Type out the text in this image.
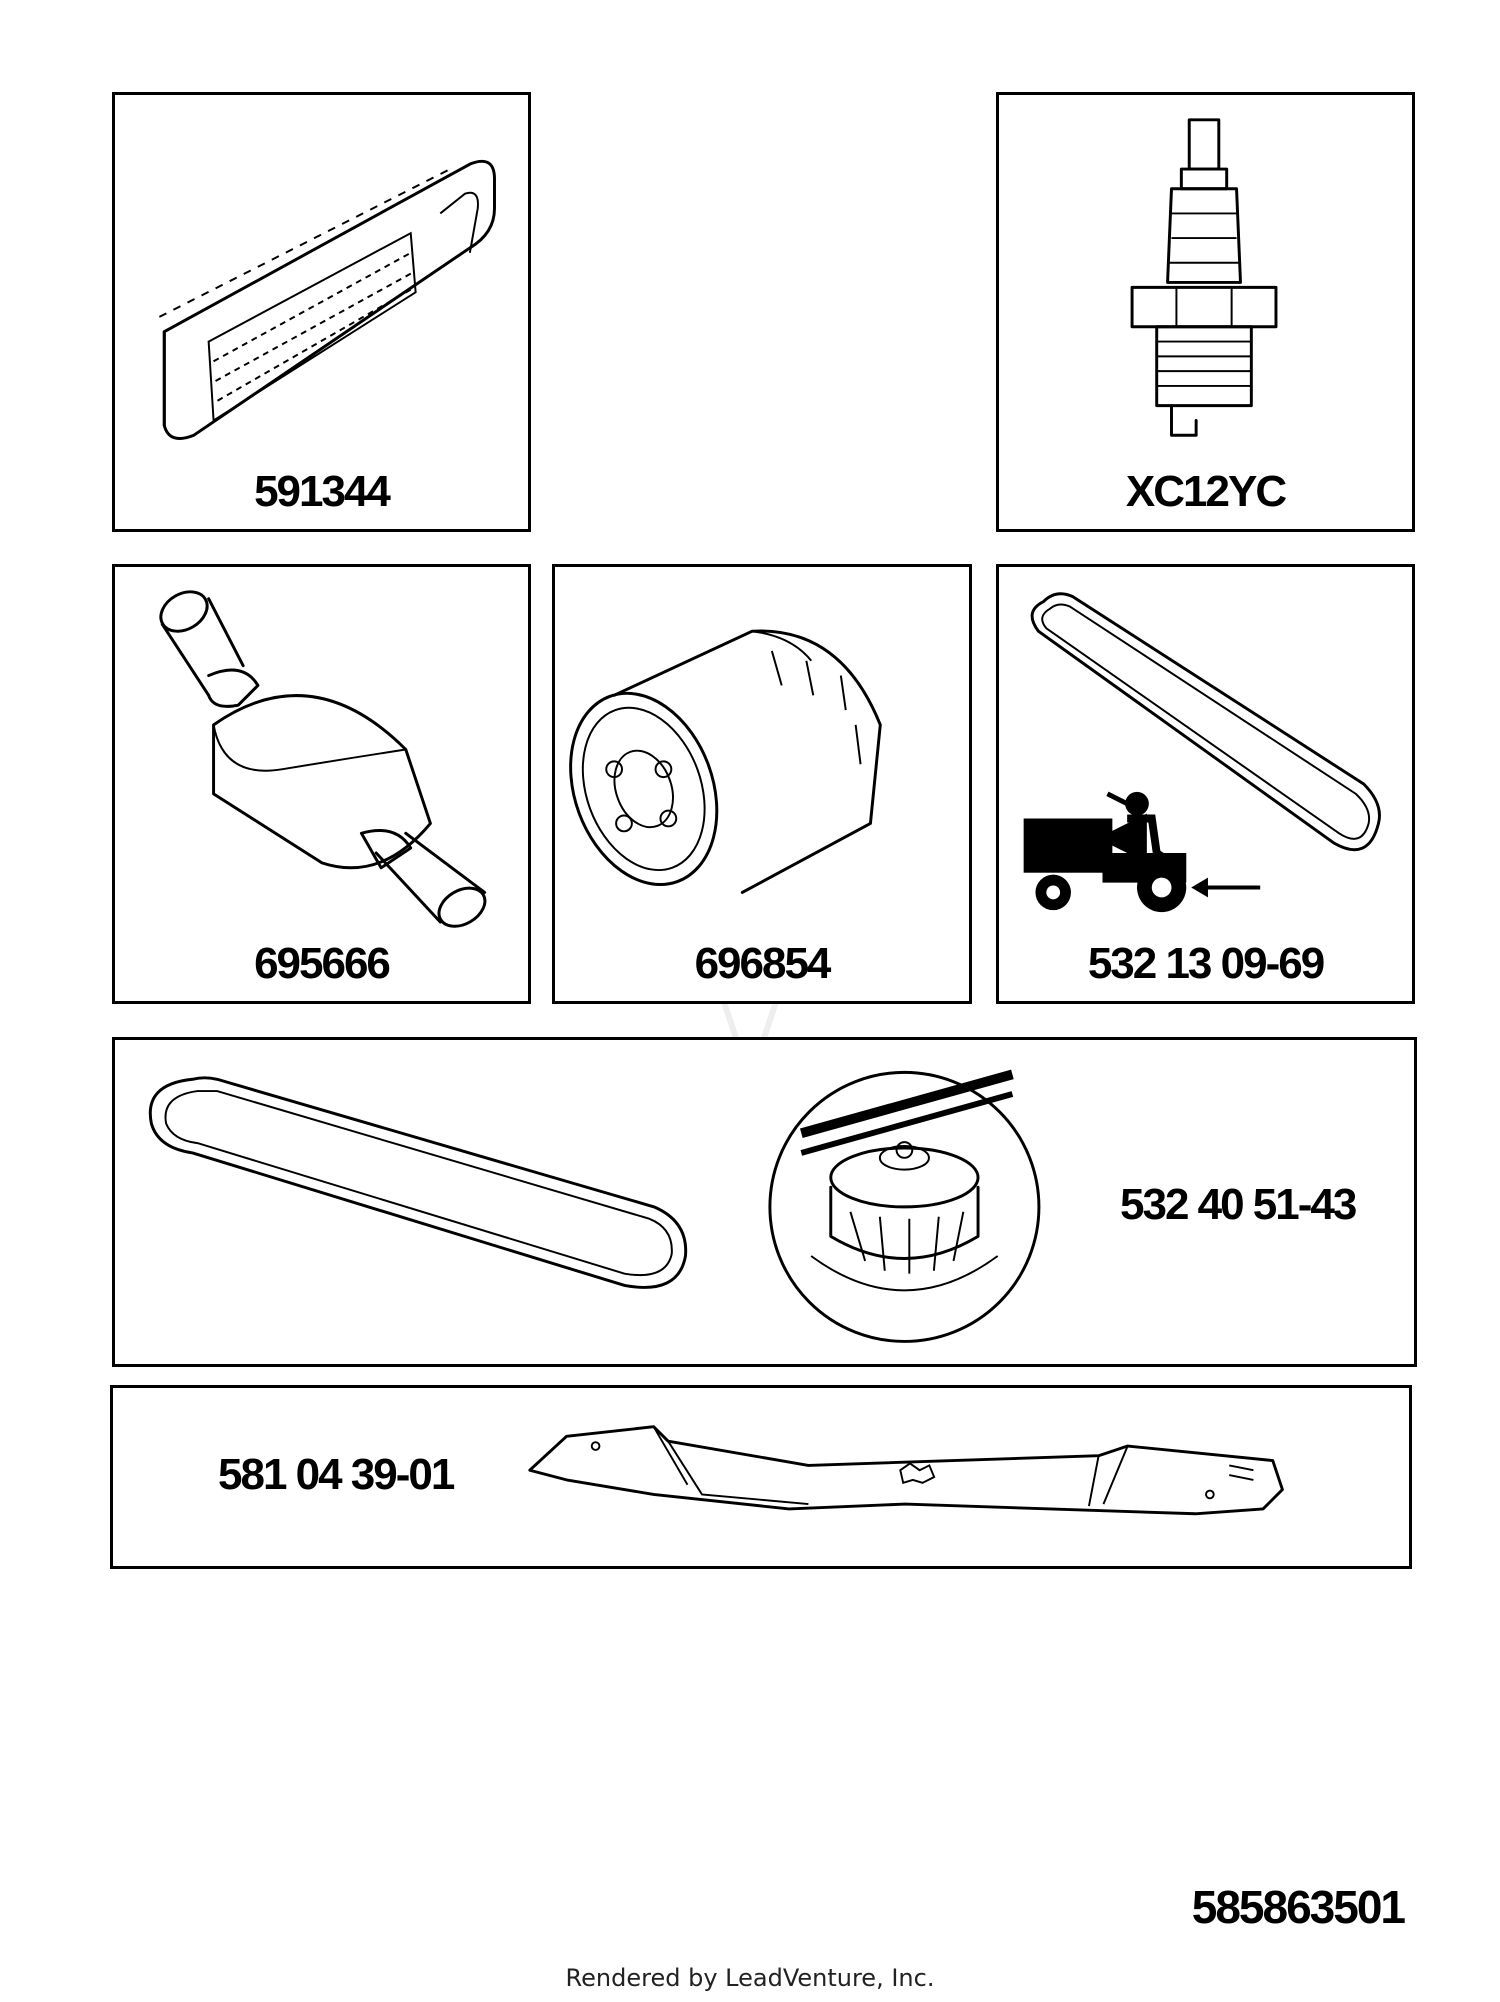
591344	XC12YC
695666	696854	532 13 09-69
532 40 51-43
581 04 39-01
585863501
Rendered by LeadVenture, Inc.
